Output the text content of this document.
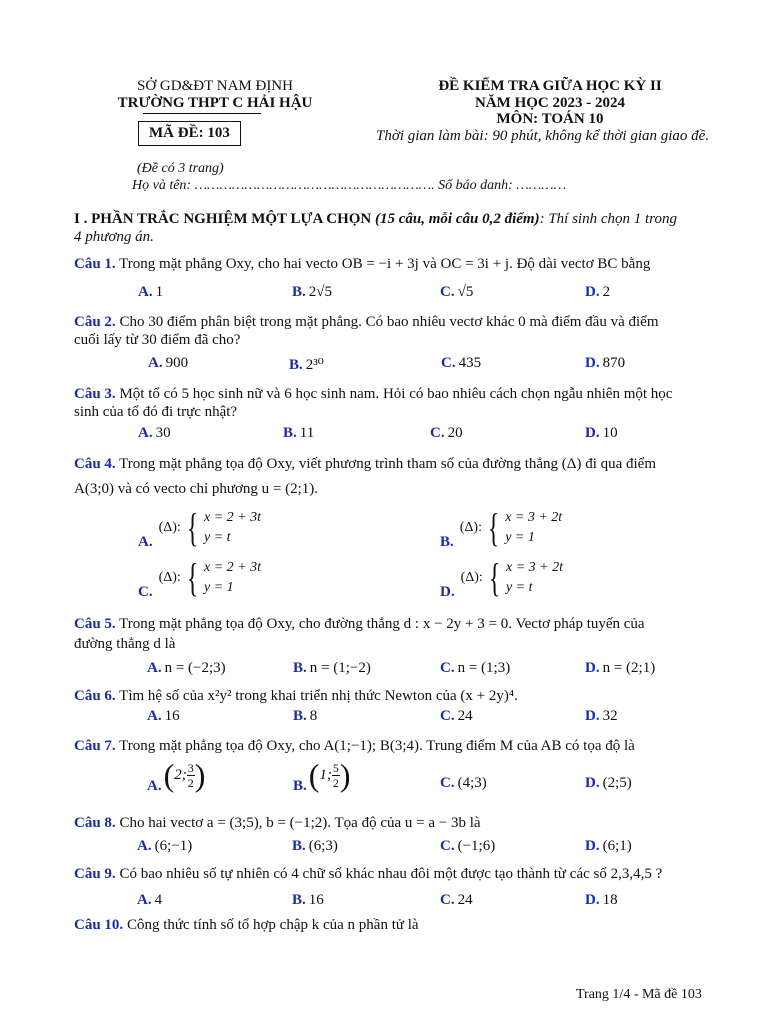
SỞ GD&ĐT NAM ĐỊNH
TRƯỜNG THPT C HẢI HẬU
MÃ ĐỀ: 103
ĐỀ KIỂM TRA GIỮA HỌC KỲ II
NĂM HỌC 2023 - 2024
MÔN: TOÁN 10
Thời gian làm bài: 90 phút, không kể thời gian giao đề.
(Đề có 3 trang)
Họ và tên: …………………………………………………. Số báo danh: …………
I . PHẦN TRẮC NGHIỆM MỘT LỰA CHỌN (15 câu, mỗi câu 0,2 điểm): Thí sinh chọn 1 trong
4 phương án.
Câu 1. Trong mặt phẳng Oxy, cho hai vecto OB = −i + 3j và OC = 3i + j. Độ dài vectơ BC bằng
A. 1	B. 2√5	C. √5	D. 2
Câu 2. Cho 30 điểm phân biệt trong mặt phẳng. Có bao nhiêu vectơ khác 0 mà điểm đầu và điểm
cuối lấy từ 30 điểm đã cho?
A. 900	B. 2³⁰	C. 435	D. 870
Câu 3. Một tổ có 5 học sinh nữ và 6 học sinh nam. Hỏi có bao nhiêu cách chọn ngẫu nhiên một học
sinh của tổ đó đi trực nhật?
A. 30	B. 11	C. 20	D. 10
Câu 4. Trong mặt phẳng tọa độ Oxy, viết phương trình tham số của đường thẳng (Δ) đi qua điểm
A(3;0) và có vecto chỉ phương u = (2;1).
A.
(Δ): { x = 2 + 3t
y = t	B.
(Δ): { x = 3 + 2t
y = 1
C.
(Δ): { x = 2 + 3t
y = 1	D.
(Δ): { x = 3 + 2t
y = t
Câu 5. Trong mặt phẳng tọa độ Oxy, cho đường thẳng d : x − 2y + 3 = 0. Vectơ pháp tuyến của
đường thẳng d là
A. n = (−2;3)	B. n = (1;−2)	C. n = (1;3)	D. n = (2;1)
Câu 6. Tìm hệ số của x²y² trong khai triển nhị thức Newton của (x + 2y)⁴.
A. 16	B. 8	C. 24	D. 32
Câu 7. Trong mặt phẳng tọa độ Oxy, cho A(1;−1); B(3;4). Trung điểm M của AB có tọa độ là
A. ( 2; $\frac{3}{2}$ )	B. ( 1; $\frac{5}{2}$ )	C. (4;3)	D. (2;5)
Câu 8. Cho hai vectơ a = (3;5), b = (−1;2). Tọa độ của u = a − 3b là
A. (6;−1)	B. (6;3)	C. (−1;6)	D. (6;1)
Câu 9. Có bao nhiêu số tự nhiên có 4 chữ số khác nhau đôi một được tạo thành từ các số 2,3,4,5 ?
A. 4	B. 16	C. 24	D. 18
Câu 10. Công thức tính số tổ hợp chập k của n phần tử là
Trang 1/4 - Mã đề 103
